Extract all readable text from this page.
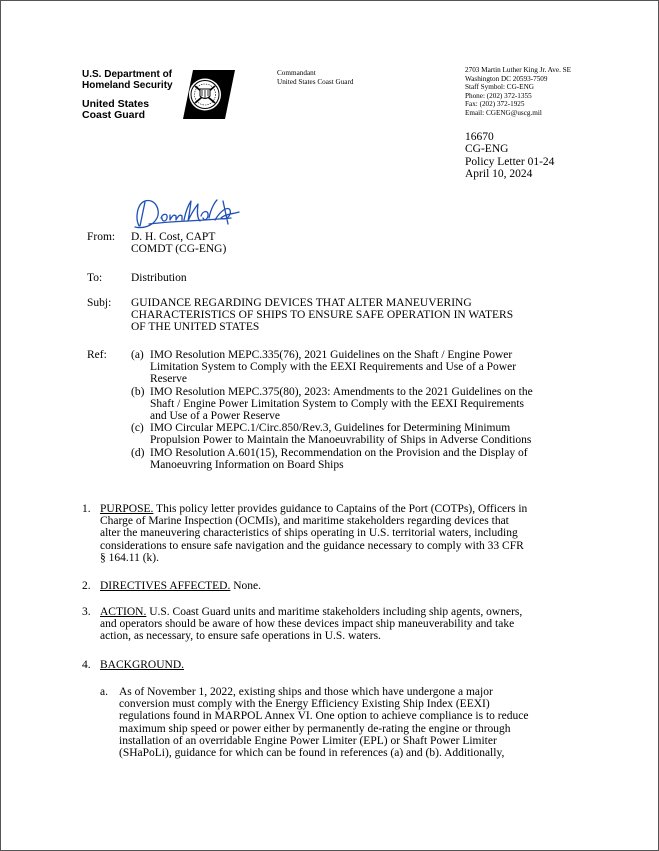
U.S. Department of
Homeland Security
United States
Coast Guard
Commandant
United States Coast Guard
2703 Martin Luther King Jr. Ave. SE
Washington DC 20593-7509
Staff Symbol: CG-ENG
Phone: (202) 372-1355
Fax: (202) 372-1925
Email: CGENG@uscg.mil
16670
CG-ENG
Policy Letter 01-24
April 10, 2024
From: D. H. Cost, CAPT
COMDT (CG-ENG)
To:	Distribution
Subj: GUIDANCE REGARDING DEVICES THAT ALTER MANEUVERING
CHARACTERISTICS OF SHIPS TO ENSURE SAFE OPERATION IN WATERS
OF THE UNITED STATES
Ref: (a) IMO Resolution MEPC.335(76), 2021 Guidelines on the Shaft / Engine Power
Limitation System to Comply with the EEXI Requirements and Use of a Power
Reserve
(b) IMO Resolution MEPC.375(80), 2023: Amendments to the 2021 Guidelines on the
Shaft / Engine Power Limitation System to Comply with the EEXI Requirements
and Use of a Power Reserve
(c) IMO Circular MEPC.1/Circ.850/Rev.3, Guidelines for Determining Minimum
Propulsion Power to Maintain the Manoeuvrability of Ships in Adverse Conditions
(d) IMO Resolution A.601(15), Recommendation on the Provision and the Display of
Manoeuvring Information on Board Ships
1. PURPOSE. This policy letter provides guidance to Captains of the Port (COTPs), Officers in
Charge of Marine Inspection (OCMIs), and maritime stakeholders regarding devices that
alter the maneuvering characteristics of ships operating in U.S. territorial waters, including
considerations to ensure safe navigation and the guidance necessary to comply with 33 CFR
§ 164.11 (k).
2. DIRECTIVES AFFECTED. None.
3. ACTION. U.S. Coast Guard units and maritime stakeholders including ship agents, owners,
and operators should be aware of how these devices impact ship maneuverability and take
action, as necessary, to ensure safe operations in U.S. waters.
4. BACKGROUND.
a. As of November 1, 2022, existing ships and those which have undergone a major
conversion must comply with the Energy Efficiency Existing Ship Index (EEXI)
regulations found in MARPOL Annex VI. One option to achieve compliance is to reduce
maximum ship speed or power either by permanently de-rating the engine or through
installation of an overridable Engine Power Limiter (EPL) or Shaft Power Limiter
(SHaPoLi), guidance for which can be found in references (a) and (b). Additionally,
